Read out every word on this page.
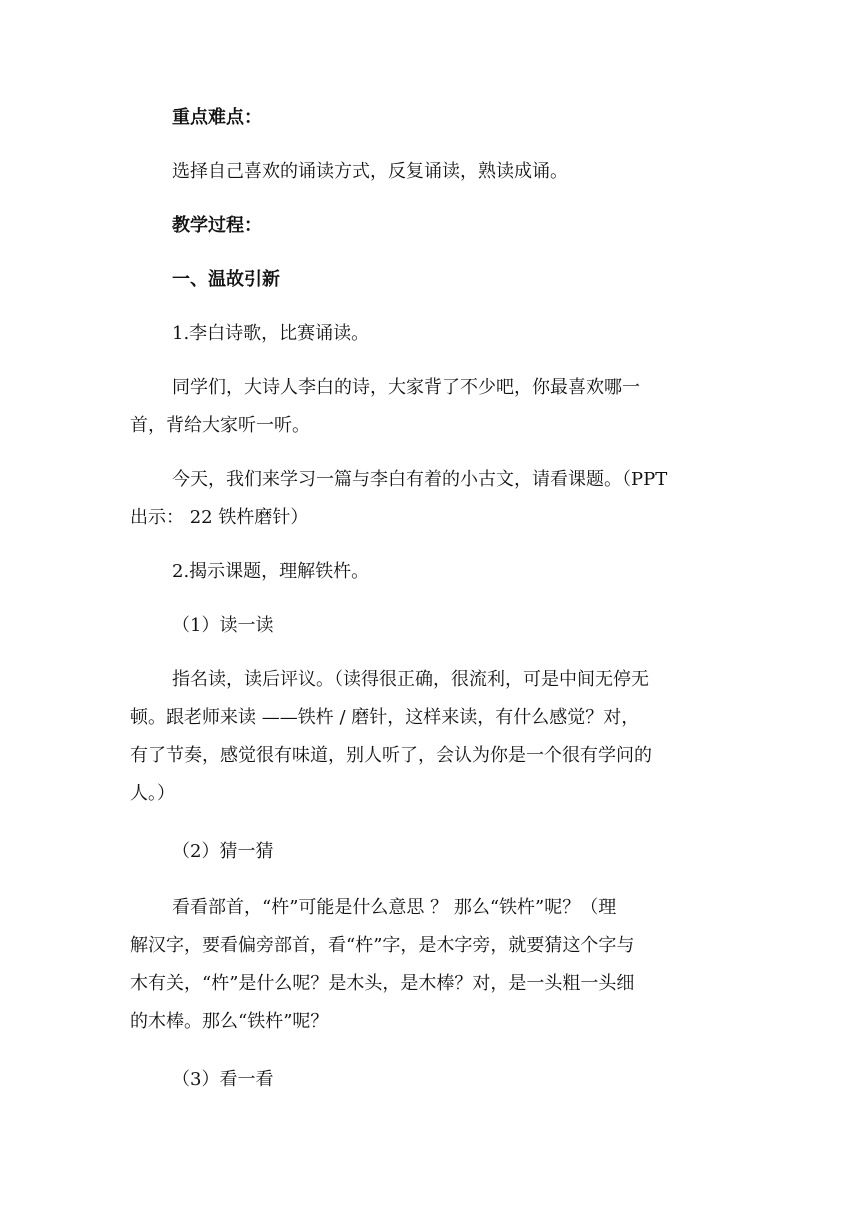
重点难点：
选择自己喜欢的诵读方式，反复诵读，熟读成诵。
教学过程：
一、温故引新
1.李白诗歌，比赛诵读。
同学们，大诗人李白的诗，大家背了不少吧，你最喜欢哪一
首，背给大家听一听。
今天，我们来学习一篇与李白有着的小古文，请看课题。（PPT
出示： 22 铁杵磨针）
2.揭示课题，理解铁杵。
（1）读一读
指名读，读后评议。（读得很正确，很流利，可是中间无停无
顿。跟老师来读 ——铁杵 / 磨针，这样来读，有什么感觉？对，
有了节奏，感觉很有味道，别人听了，会认为你是一个很有学问的
人。）
（2）猜一猜
看看部首，“杵”可能是什么意思 ？ 那么“铁杵”呢？（理
解汉字，要看偏旁部首，看“杵”字，是木字旁，就要猜这个字与
木有关，“杵”是什么呢？是木头，是木棒？对，是一头粗一头细
的木棒。那么“铁杵”呢？
（3）看一看
